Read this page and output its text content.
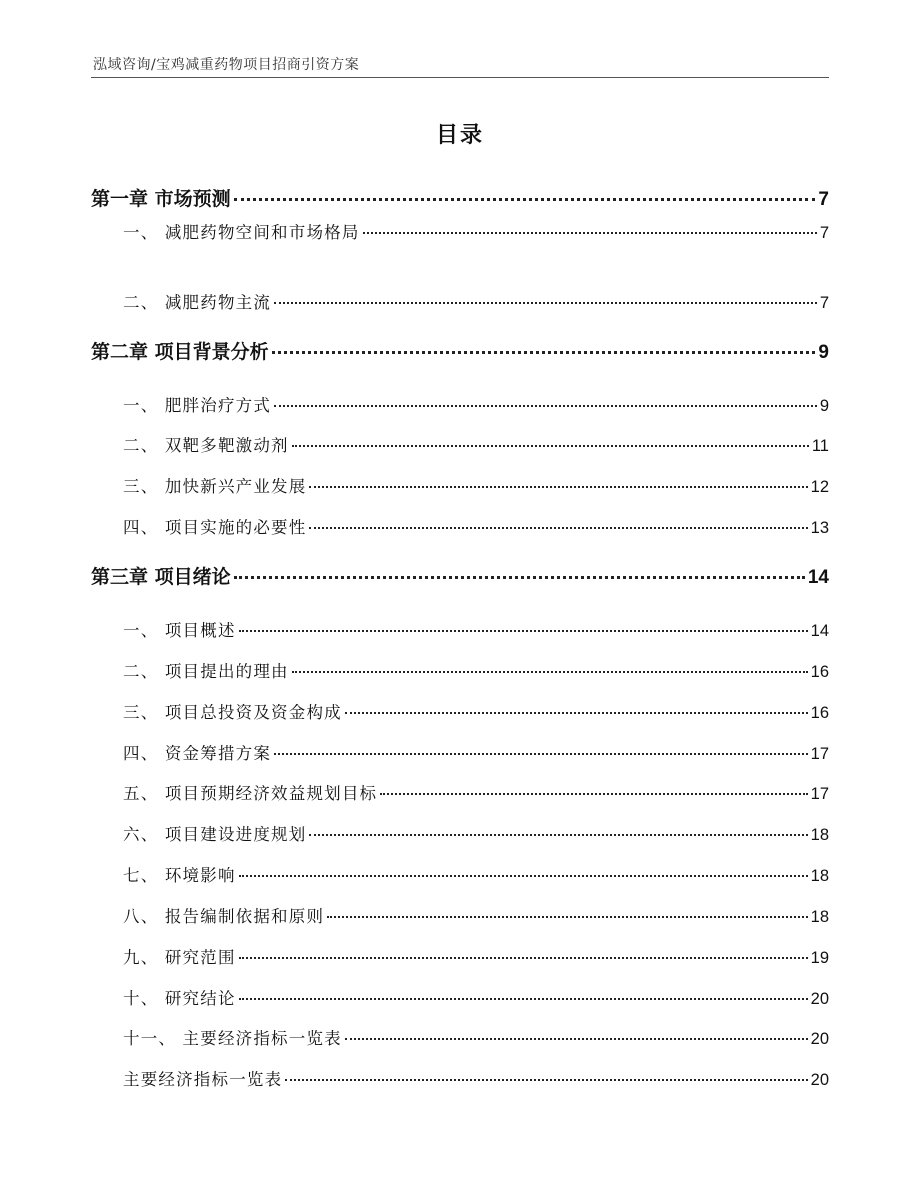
泓域咨询/宝鸡减重药物项目招商引资方案
目录
第一章 市场预测	7
一、 减肥药物空间和市场格局	7
二、 减肥药物主流	7
第二章 项目背景分析	9
一、 肥胖治疗方式	9
二、 双靶多靶激动剂	11
三、 加快新兴产业发展	12
四、 项目实施的必要性	13
第三章 项目绪论	14
一、 项目概述	14
二、 项目提出的理由	16
三、 项目总投资及资金构成	16
四、 资金筹措方案	17
五、 项目预期经济效益规划目标	17
六、 项目建设进度规划	18
七、 环境影响	18
八、 报告编制依据和原则	18
九、 研究范围	19
十、 研究结论	20
十一、 主要经济指标一览表	20
主要经济指标一览表	20
